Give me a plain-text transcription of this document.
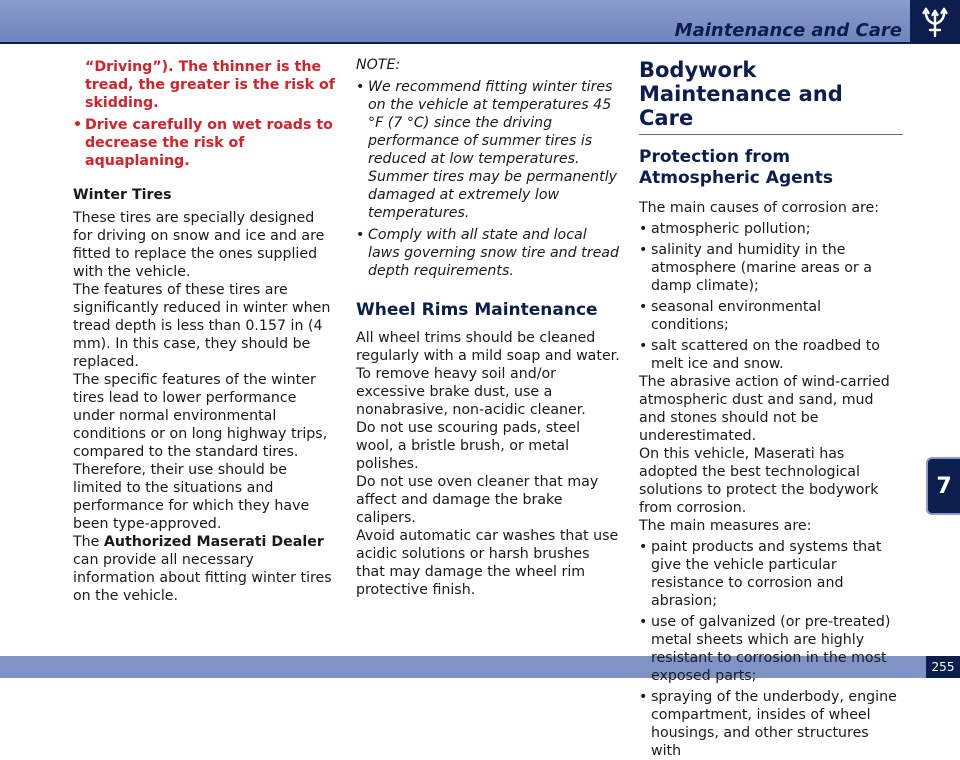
Maintenance and Care
7
255

“Driving”). The thinner is the tread, the greater is the risk of skidding.

• Drive carefully on wet roads to decrease the risk of aquaplaning.

Winter Tires

These tires are specially designed for driving on snow and ice and are fitted to replace the ones supplied with the vehicle.

The features of these tires are significantly reduced in winter when tread depth is less than 0.157 in (4 mm). In this case, they should be replaced.

The specific features of the winter tires lead to lower performance under normal environmental conditions or on long highway trips, compared to the standard tires.

Therefore, their use should be limited to the situations and performance for which they have been type-approved.

The Authorized Maserati Dealer can provide all necessary information about fitting winter tires on the vehicle.

NOTE:

• We recommend fitting winter tires on the vehicle at temperatures 45 °F (7 °C) since the driving performance of summer tires is reduced at low temperatures. Summer tires may be permanently damaged at extremely low temperatures.
• Comply with all state and local laws governing snow tire and tread depth requirements.

Wheel Rims Maintenance

All wheel trims should be cleaned regularly with a mild soap and water.

To remove heavy soil and/or excessive brake dust, use a nonabrasive, non-acidic cleaner.

Do not use scouring pads, steel wool, a bristle brush, or metal polishes.

Do not use oven cleaner that may affect and damage the brake calipers.

Avoid automatic car washes that use acidic solutions or harsh brushes that may damage the wheel rim protective finish.

Bodywork Maintenance and Care

Protection from Atmospheric Agents

The main causes of corrosion are:

• atmospheric pollution;
• salinity and humidity in the atmosphere (marine areas or a damp climate);
• seasonal environmental conditions;
• salt scattered on the roadbed to melt ice and snow.

The abrasive action of wind-carried atmospheric dust and sand, mud and stones should not be underestimated.

On this vehicle, Maserati has adopted the best technological solutions to protect the bodywork from corrosion.

The main measures are:

• paint products and systems that give the vehicle particular resistance to corrosion and abrasion;
• use of galvanized (or pre-treated) metal sheets which are highly resistant to corrosion in the most exposed parts;
• spraying of the underbody, engine compartment, insides of wheel housings, and other structures with
